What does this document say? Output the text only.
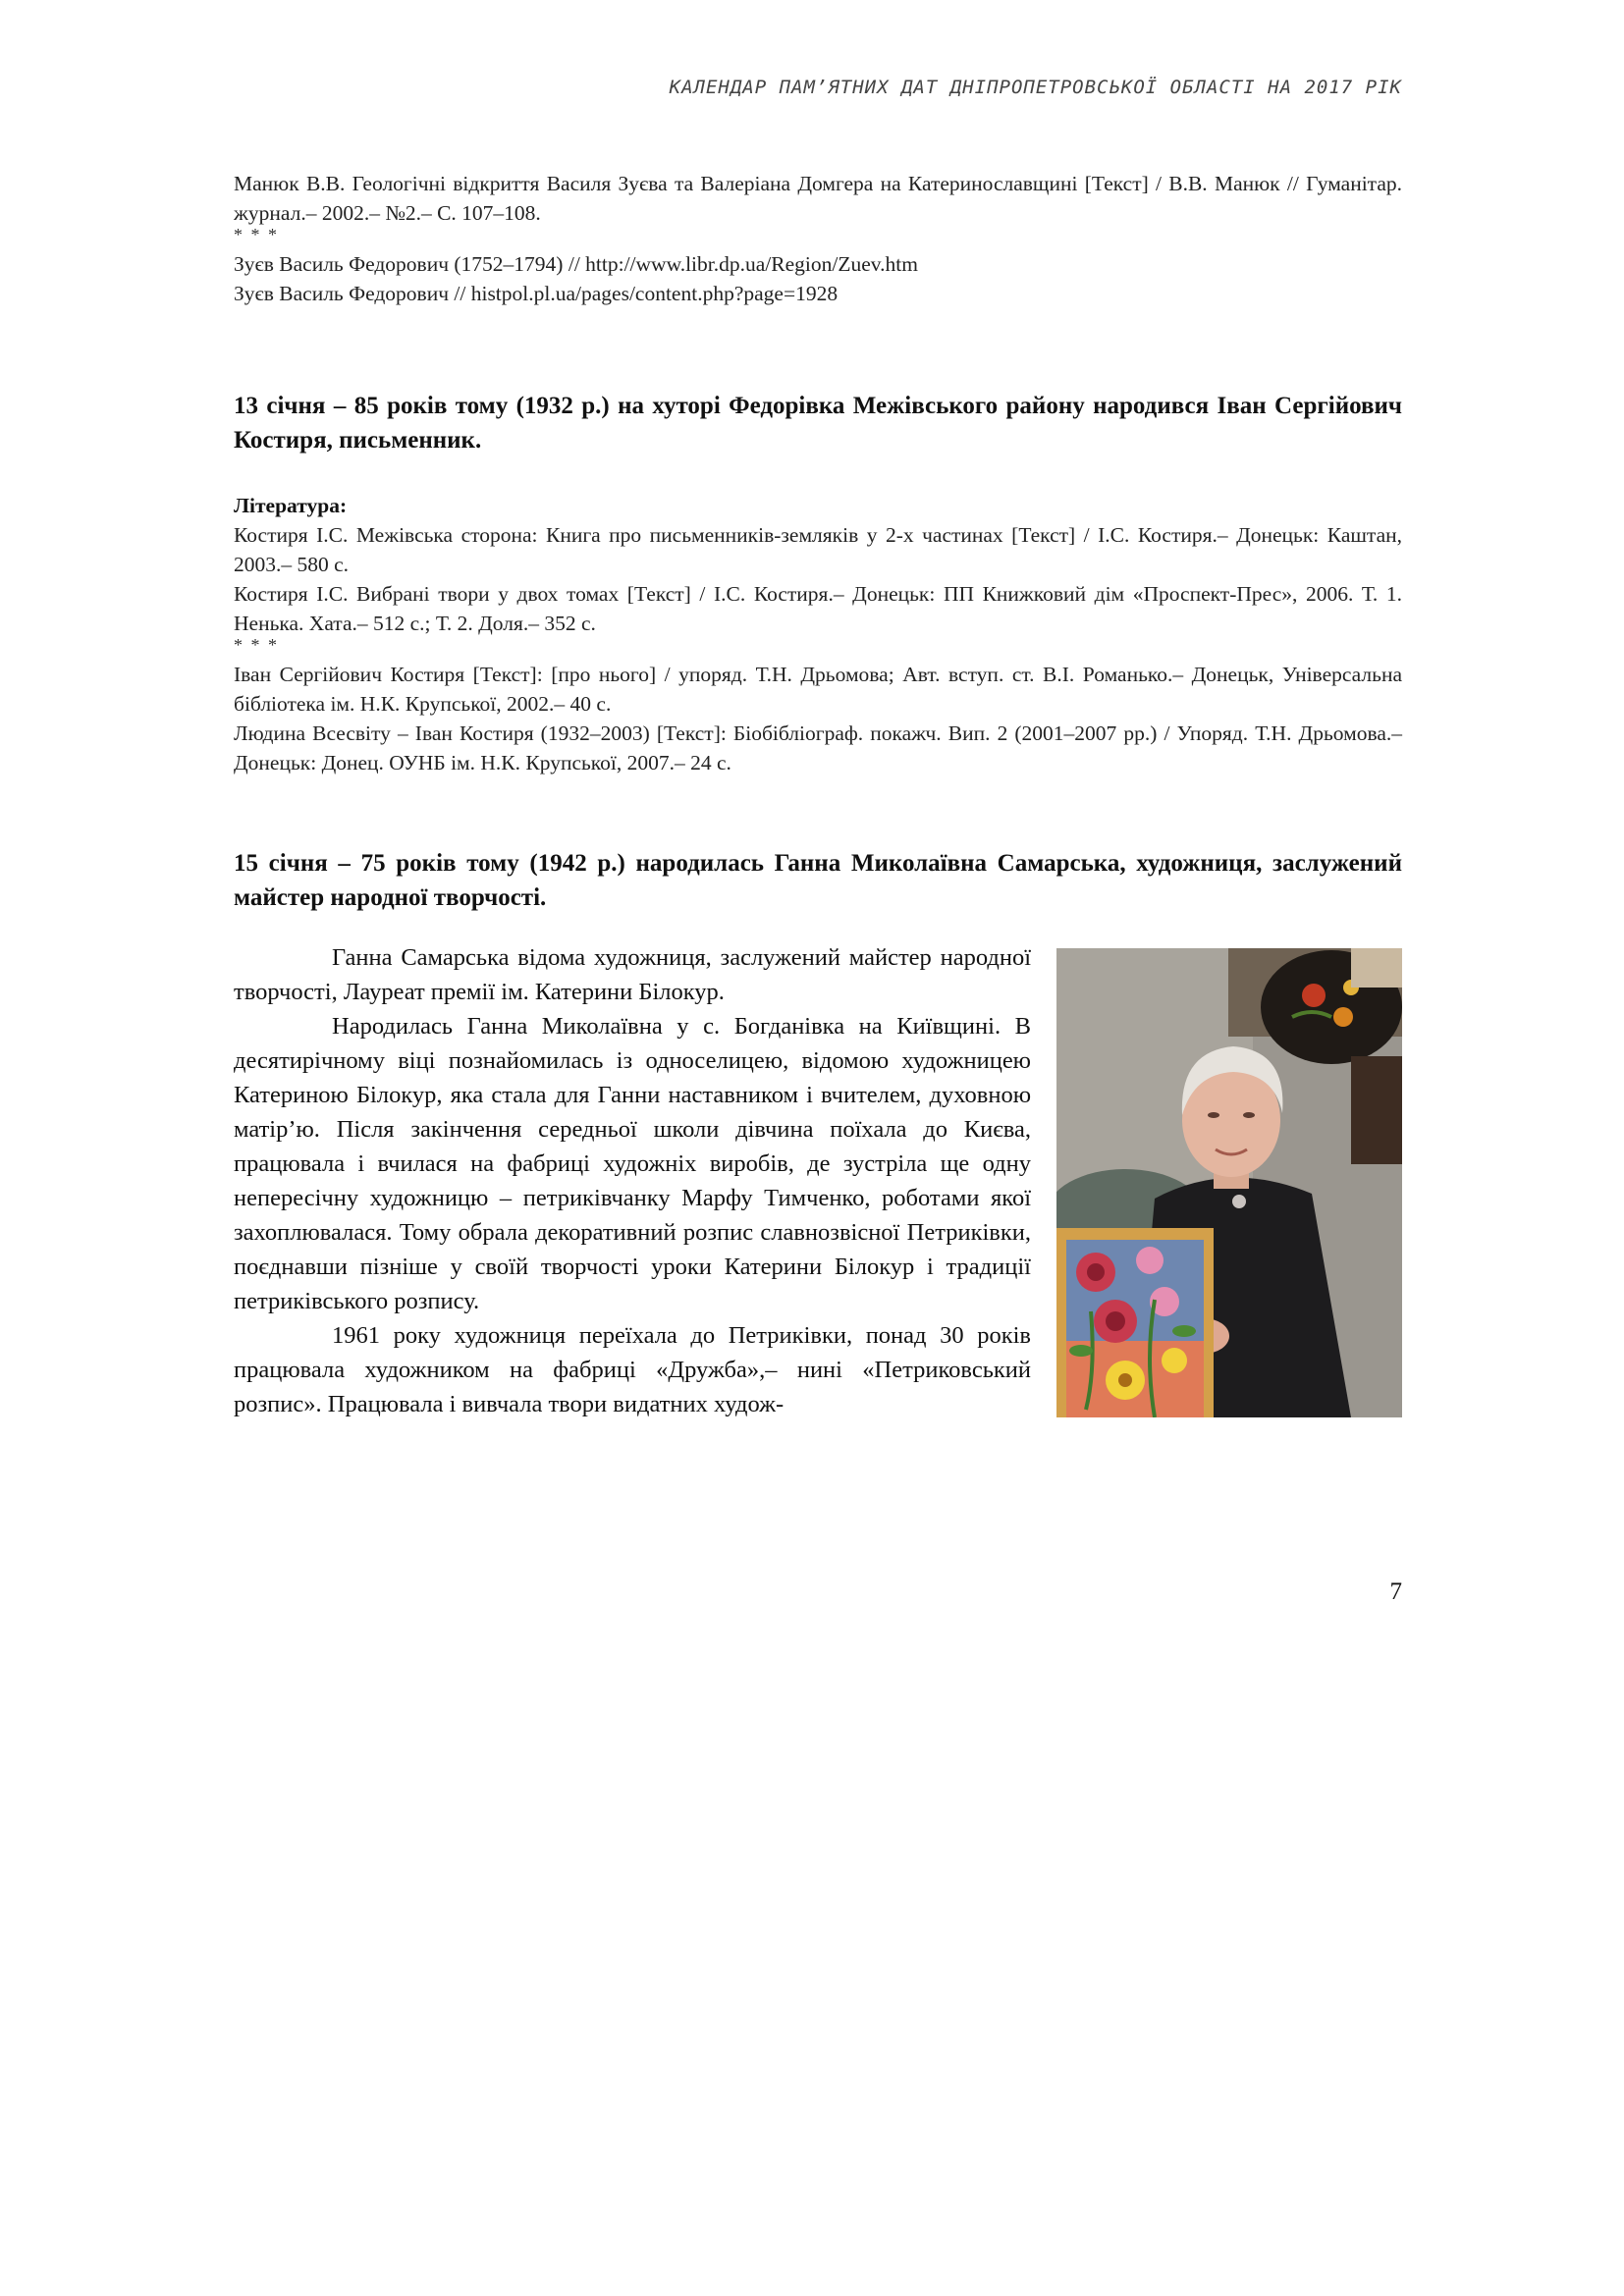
КАЛЕНДАР ПАМ’ЯТНИХ ДАТ ДНІПРОПЕТРОВСЬКОЇ ОБЛАСТІ НА 2017 РІК

Манюк В.В. Геологічні відкриття Василя Зуєва та Валеріана Домгера на Катеринославщині [Текст] / В.В. Манюк // Гуманітар. журнал.– 2002.– №2.– С. 107–108.

* * *

Зуєв Василь Федорович (1752–1794) // http://www.libr.dp.ua/Region/Zuev.htm

Зуєв Василь Федорович // histpol.pl.ua/pages/content.php?page=1928

13 січня – 85 років тому (1932 р.) на хуторі Федорівка Межівського району народився Іван Сергійович Костиря, письменник.

Література:

Костиря І.С. Межівська сторона: Книга про письменників-земляків у 2-х частинах [Текст] / І.С. Костиря.– Донецьк: Каштан, 2003.– 580 с.

Костиря І.С. Вибрані твори у двох томах [Текст] / І.С. Костиря.– Донецьк: ПП Книжковий дім «Проспект-Прес», 2006. Т. 1. Ненька. Хата.– 512 с.; Т. 2. Доля.– 352 с.

* * *

Іван Сергійович Костиря [Текст]: [про нього] / упоряд. Т.Н. Дрьомова; Авт. вступ. ст. В.І. Романько.– Донецьк, Універсальна бібліотека ім. Н.К. Крупської, 2002.– 40 с.

Людина Всесвіту – Іван Костиря (1932–2003) [Текст]: Біобібліограф. покажч. Вип. 2 (2001–2007 рр.) / Упоряд. Т.Н. Дрьомова.– Донецьк: Донец. ОУНБ ім. Н.К. Крупської, 2007.– 24 с.

15 січня – 75 років тому (1942 р.) народилась Ганна Миколаївна Самарська, художниця, заслужений майстер народної творчості.

Ганна Самарська відома художниця, заслужений майстер народної творчості, Лауреат премії ім. Катерини Білокур.

Народилась Ганна Миколаївна у с. Богданівка на Київщині. В десятирічному віці познайомилась із односелицею, відомою художницею Катериною Білокур, яка стала для Ганни наставником і вчителем, духовною матір’ю. Після закінчення середньої школи дівчина поїхала до Києва, працювала і вчилася на фабриці художніх виробів, де зустріла ще одну непересічну художницю – петриківчанку Марфу Тимченко, роботами якої захоплювалася. Тому обрала декоративний розпис славнозвісної Петриківки, поєднавши пізніше у своїй творчості уроки Катерини Білокур і традиції петриківського розпису.

1961 року художниця переїхала до Петриківки, понад 30 років працювала художником на фабриці «Дружба»,– нині «Петриковський розпис». Працювала і вивчала твори видатних худож-

7
